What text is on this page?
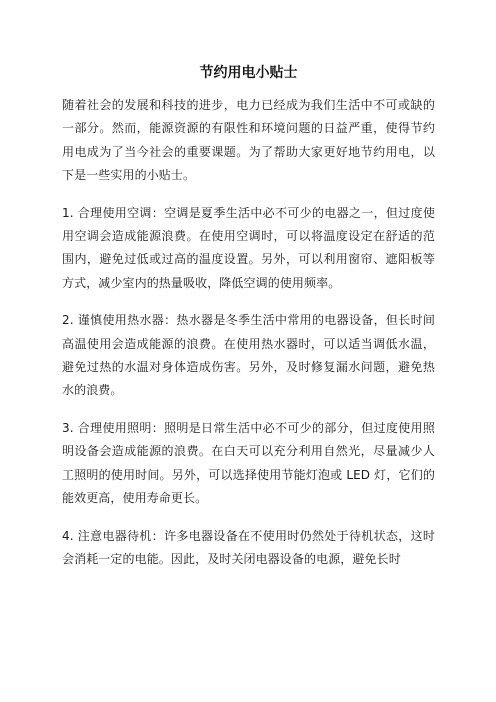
节约用电小贴士

随着社会的发展和科技的进步，电力已经成为我们生活中不可或缺的一部分。然而，能源资源的有限性和环境问题的日益严重，使得节约用电成为了当今社会的重要课题。为了帮助大家更好地节约用电，以下是一些实用的小贴士。

1. 合理使用空调：空调是夏季生活中必不可少的电器之一，但过度使用空调会造成能源浪费。在使用空调时，可以将温度设定在舒适的范围内，避免过低或过高的温度设置。另外，可以利用窗帘、遮阳板等方式，减少室内的热量吸收，降低空调的使用频率。

2. 谨慎使用热水器：热水器是冬季生活中常用的电器设备，但长时间高温使用会造成能源的浪费。在使用热水器时，可以适当调低水温，避免过热的水温对身体造成伤害。另外，及时修复漏水问题，避免热水的浪费。

3. 合理使用照明：照明是日常生活中必不可少的部分，但过度使用照明设备会造成能源的浪费。在白天可以充分利用自然光，尽量减少人工照明的使用时间。另外，可以选择使用节能灯泡或 LED 灯，它们的能效更高，使用寿命更长。

4. 注意电器待机：许多电器设备在不使用时仍然处于待机状态，这时会消耗一定的电能。因此，及时关闭电器设备的电源，避免长时
